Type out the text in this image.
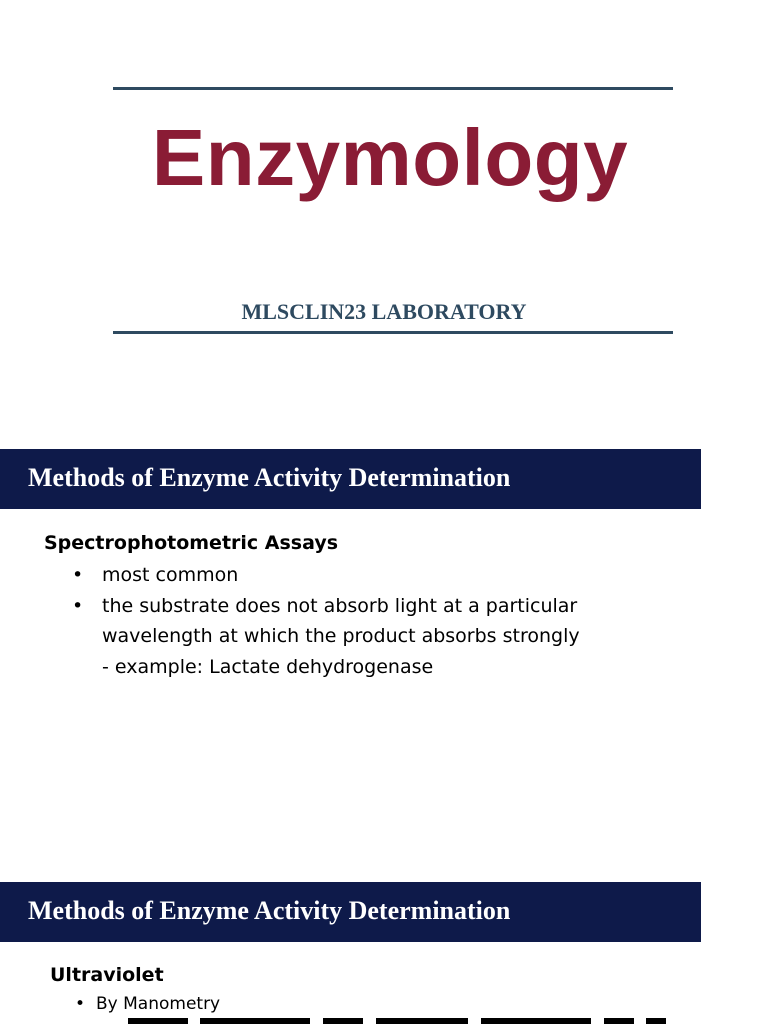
Enzymology
MLSCLIN23 LABORATORY
Methods of Enzyme Activity Determination
Spectrophotometric Assays
• most common
• the substrate does not absorb light at a particular
wavelength at which the product absorbs strongly
- example: Lactate dehydrogenase
Methods of Enzyme Activity Determination
Ultraviolet
• By Manometry
